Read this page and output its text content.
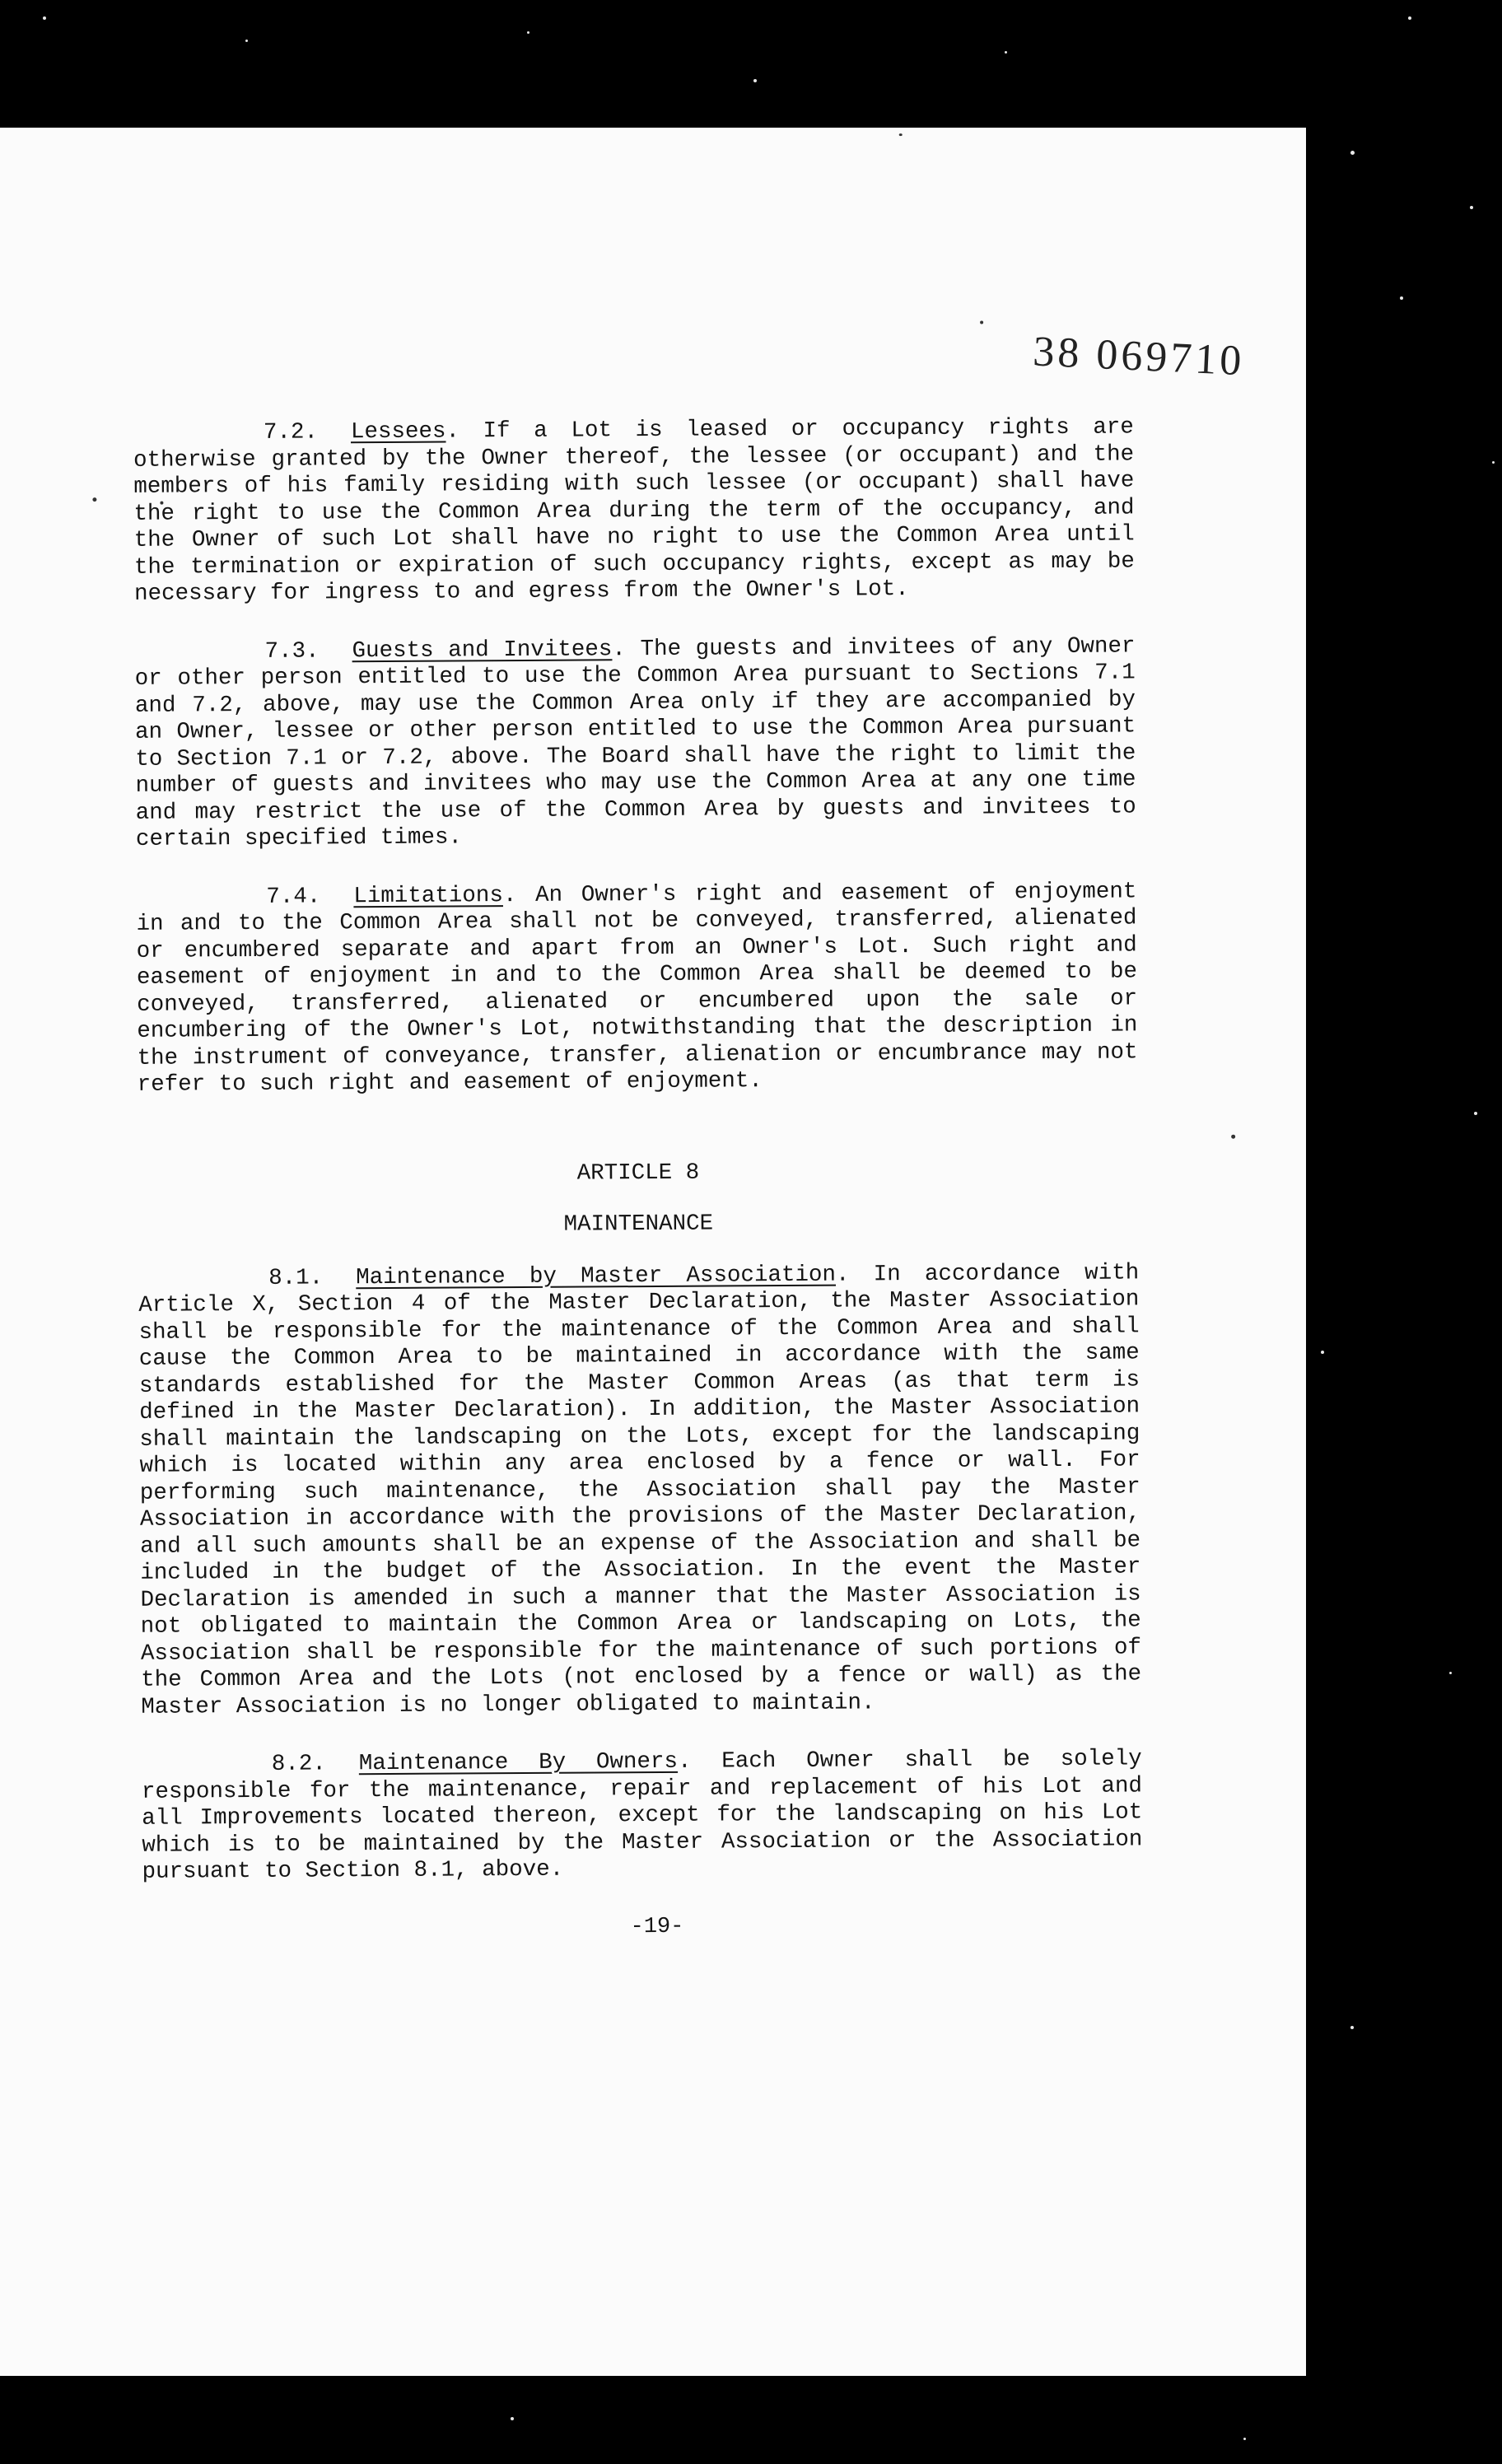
38 069710

7.2. Lessees. If a Lot is leased or occupancy rights are otherwise granted by the Owner thereof, the lessee (or occupant) and the members of his family residing with such lessee (or occupant) shall have the right to use the Common Area during the term of the occupancy, and the Owner of such Lot shall have no right to use the Common Area until the termination or expiration of such occupancy rights, except as may be necessary for ingress to and egress from the Owner's Lot.

7.3. Guests and Invitees. The guests and invitees of any Owner or other person entitled to use the Common Area pursuant to Sections 7.1 and 7.2, above, may use the Common Area only if they are accompanied by an Owner, lessee or other person entitled to use the Common Area pursuant to Section 7.1 or 7.2, above. The Board shall have the right to limit the number of guests and invitees who may use the Common Area at any one time and may restrict the use of the Common Area by guests and invitees to certain specified times.

7.4. Limitations. An Owner's right and easement of enjoyment in and to the Common Area shall not be conveyed, transferred, alienated or encumbered separate and apart from an Owner's Lot. Such right and easement of enjoyment in and to the Common Area shall be deemed to be conveyed, transferred, alienated or encumbered upon the sale or encumbering of the Owner's Lot, notwithstanding that the description in the instrument of conveyance, transfer, alienation or encumbrance may not refer to such right and easement of enjoyment.

ARTICLE 8

MAINTENANCE

8.1. Maintenance by Master Association. In accordance with Article X, Section 4 of the Master Declaration, the Master Association shall be responsible for the maintenance of the Common Area and shall cause the Common Area to be maintained in accordance with the same standards established for the Master Common Areas (as that term is defined in the Master Declaration). In addition, the Master Association shall maintain the landscaping on the Lots, except for the landscaping which is located within any area enclosed by a fence or wall. For performing such maintenance, the Association shall pay the Master Association in accordance with the provisions of the Master Declaration, and all such amounts shall be an expense of the Association and shall be included in the budget of the Association. In the event the Master Declaration is amended in such a manner that the Master Association is not obligated to maintain the Common Area or landscaping on Lots, the Association shall be responsible for the maintenance of such portions of the Common Area and the Lots (not enclosed by a fence or wall) as the Master Association is no longer obligated to maintain.

8.2. Maintenance By Owners. Each Owner shall be solely responsible for the maintenance, repair and replacement of his Lot and all Improvements located thereon, except for the landscaping on his Lot which is to be maintained by the Master Association or the Association pursuant to Section 8.1, above.

-19-
